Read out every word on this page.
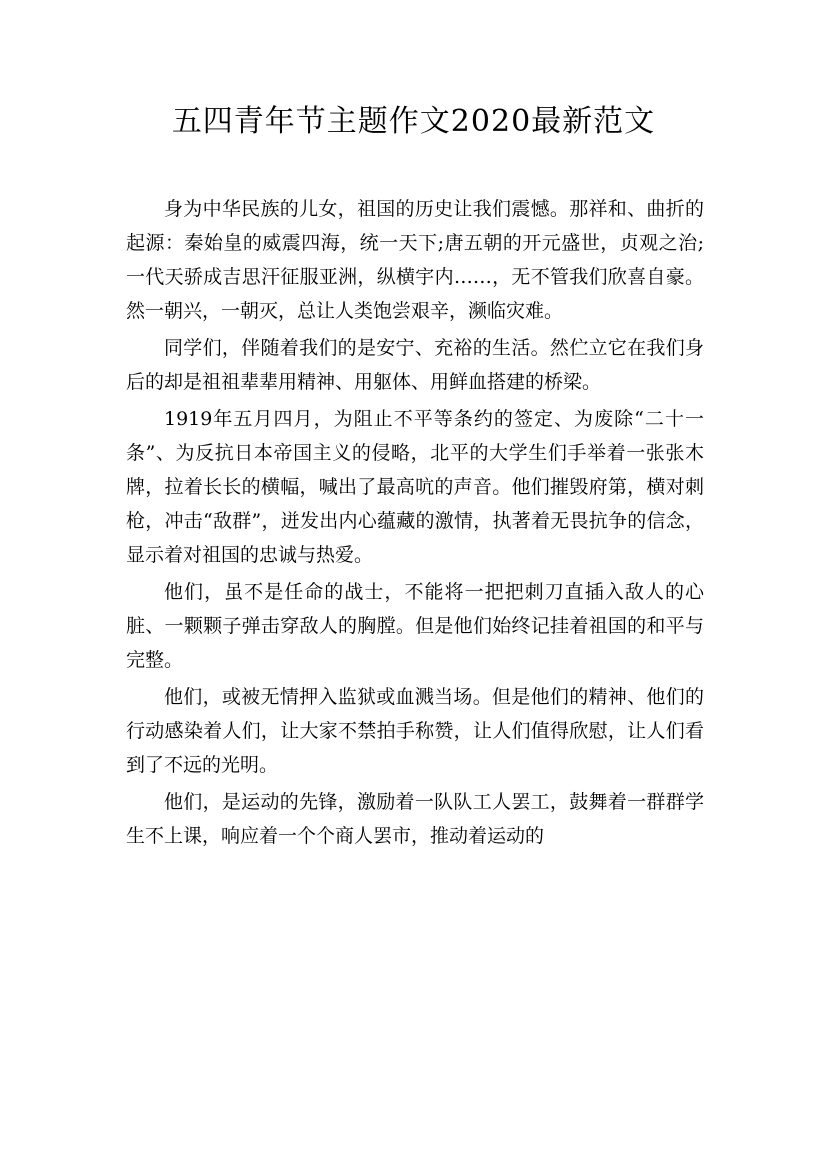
五四青年节主题作文2020最新范文

身为中华民族的儿女，祖国的历史让我们震憾。那祥和、曲折的起源：秦始皇的威震四海，统一天下;唐五朝的开元盛世，贞观之治;一代天骄成吉思汗征服亚洲，纵横宇内……，无不管我们欣喜自豪。然一朝兴，一朝灭，总让人类饱尝艰辛，濒临灾难。

同学们，伴随着我们的是安宁、充裕的生活。然伫立它在我们身后的却是祖祖辈辈用精神、用躯体、用鲜血搭建的桥梁。

1919年五月四月，为阻止不平等条约的签定、为废除“二十一条”、为反抗日本帝国主义的侵略，北平的大学生们手举着一张张木牌，拉着长长的横幅，喊出了最高吭的声音。他们摧毁府第，横对刺枪，冲击“敌群”，迸发出内心蕴藏的激情，执著着无畏抗争的信念，显示着对祖国的忠诚与热爱。

他们，虽不是任命的战士，不能将一把把刺刀直插入敌人的心脏、一颗颗子弹击穿敌人的胸膛。但是他们始终记挂着祖国的和平与完整。

他们，或被无情押入监狱或血溅当场。但是他们的精神、他们的行动感染着人们，让大家不禁拍手称赞，让人们值得欣慰，让人们看到了不远的光明。

他们，是运动的先锋，激励着一队队工人罢工，鼓舞着一群群学生不上课，响应着一个个商人罢市，推动着运动的
